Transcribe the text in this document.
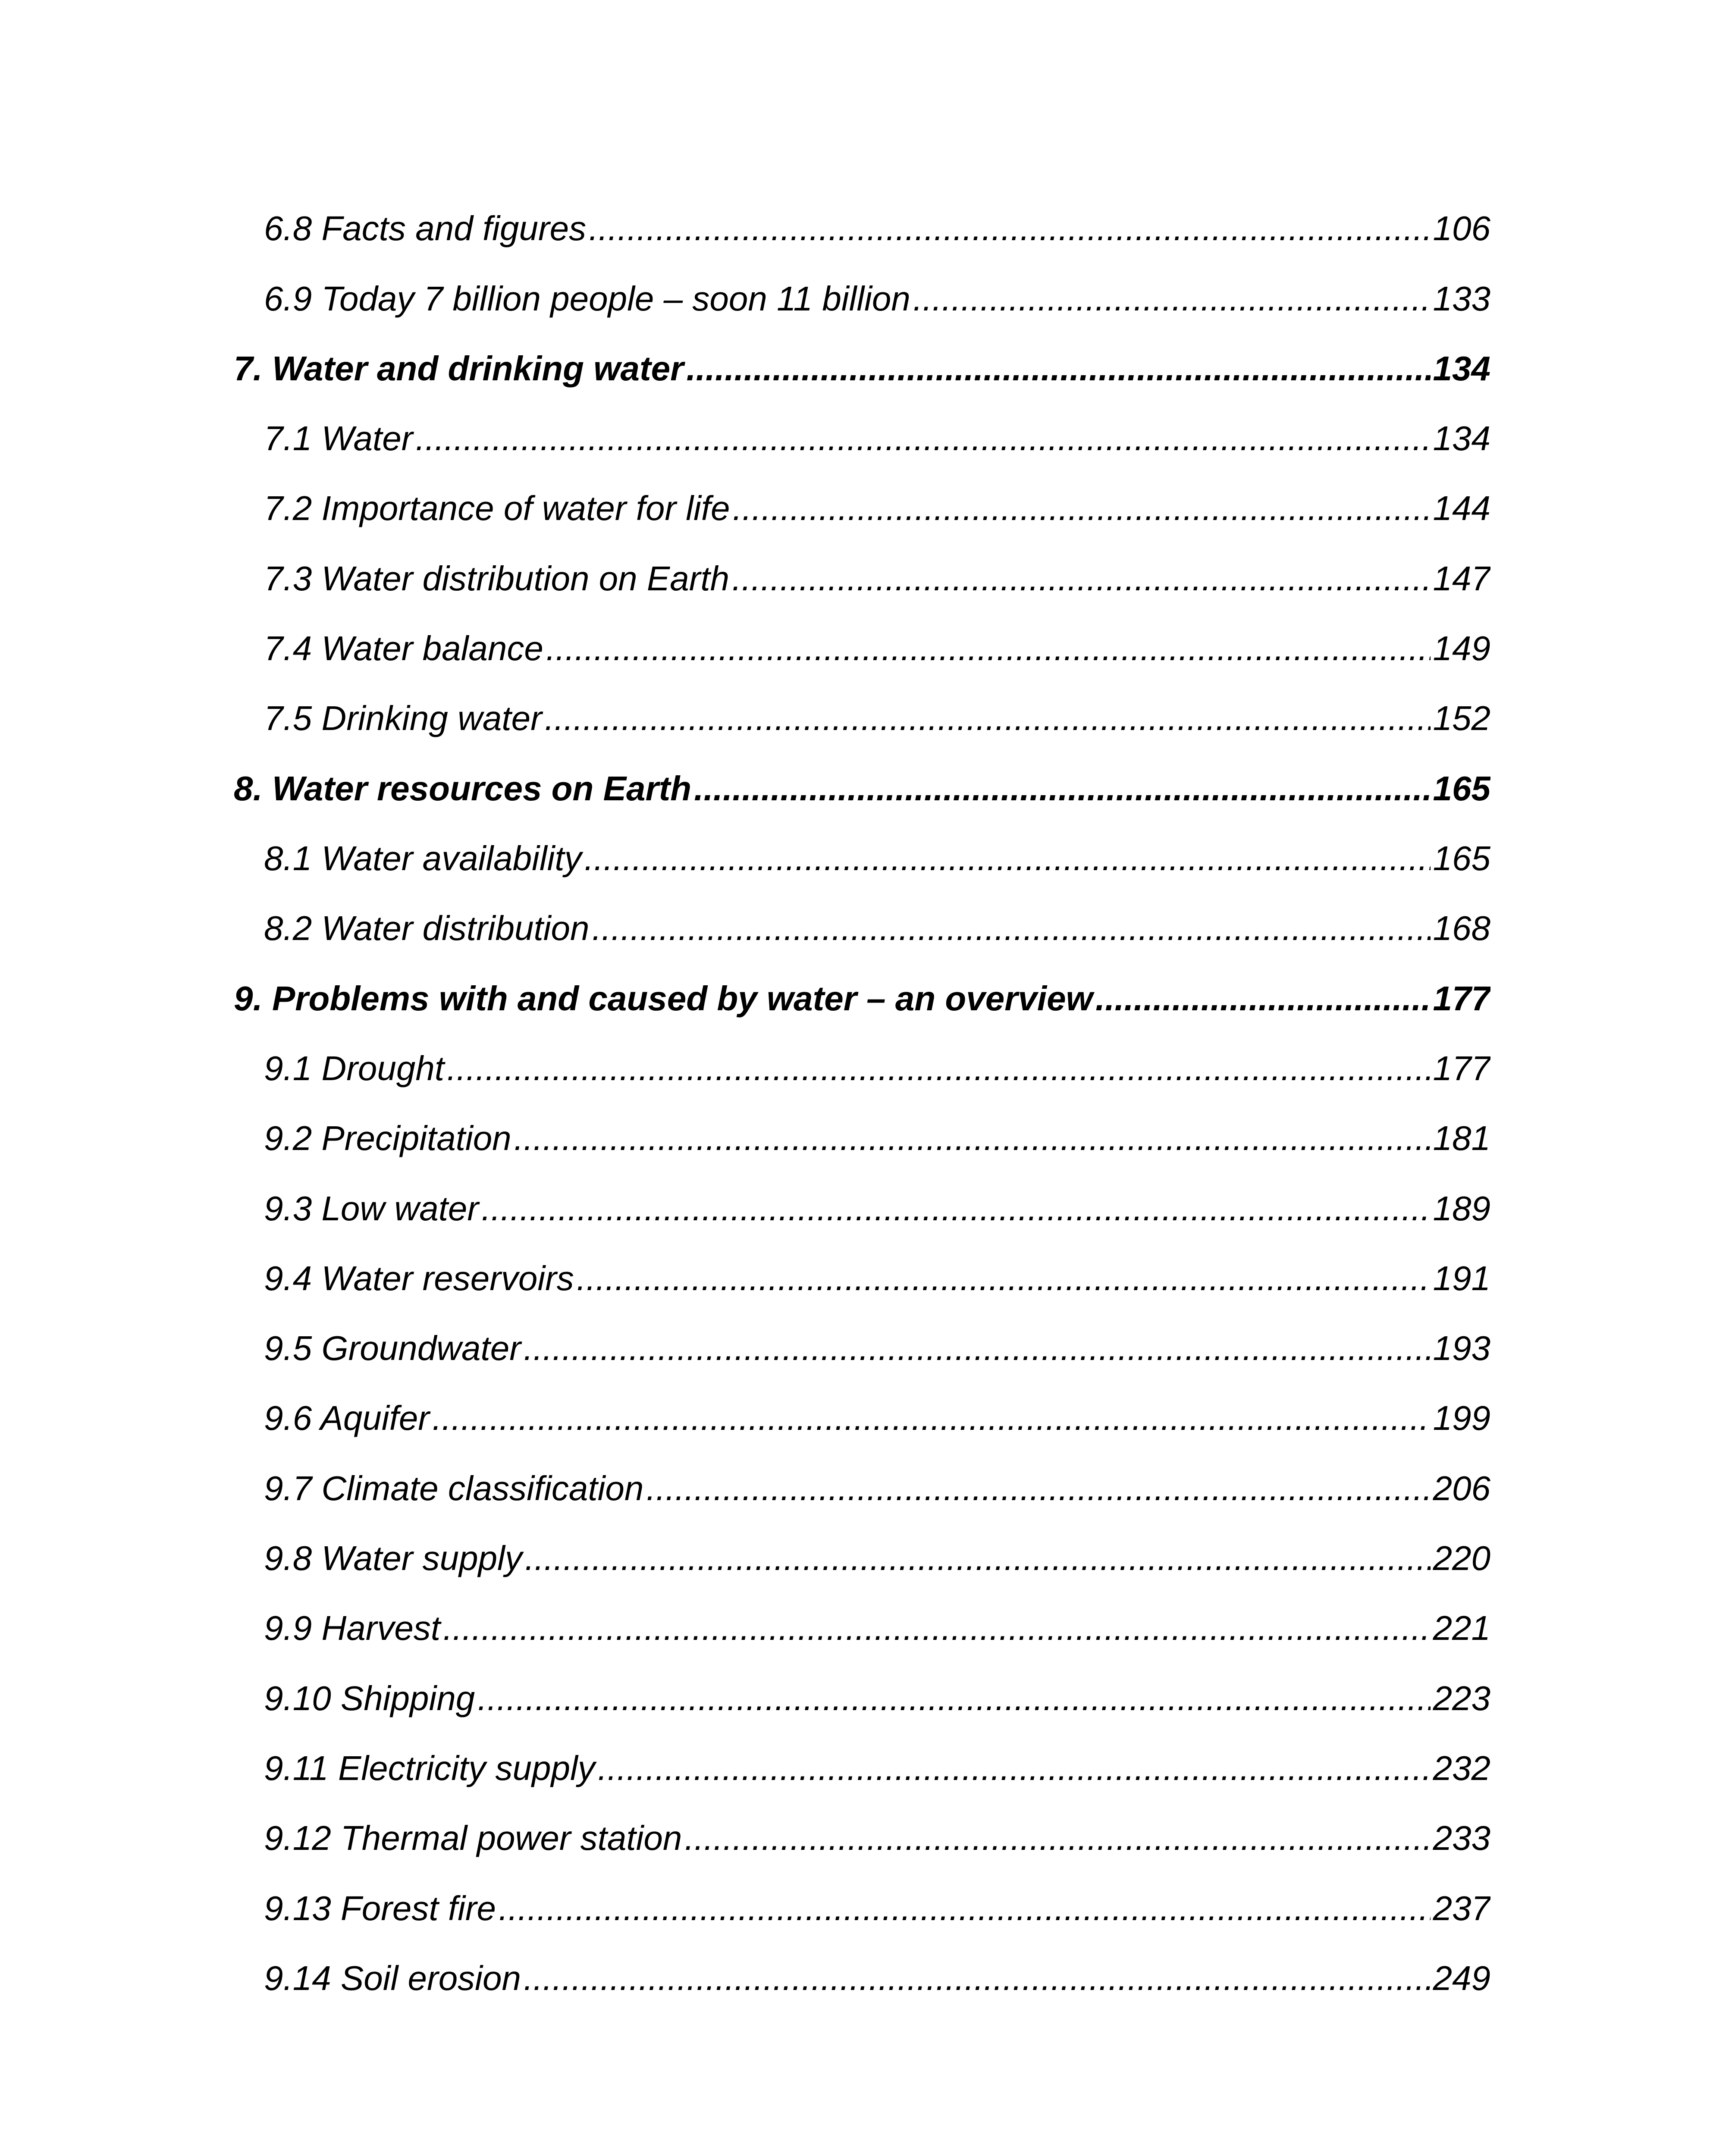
6.8 Facts and figures .....	106
6.9 Today 7 billion people – soon 11 billion .....	133
7. Water and drinking water .....	134
7.1 Water .....	134
7.2 Importance of water for life .....	144
7.3 Water distribution on Earth .....	147
7.4 Water balance .....	149
7.5 Drinking water .....	152
8. Water resources on Earth .....	165
8.1 Water availability .....	165
8.2 Water distribution .....	168
9. Problems with and caused by water – an overview .....	177
9.1 Drought .....	177
9.2 Precipitation .....	181
9.3 Low water .....	189
9.4 Water reservoirs .....	191
9.5 Groundwater .....	193
9.6 Aquifer .....	199
9.7 Climate classification .....	206
9.8 Water supply .....	220
9.9 Harvest .....	221
9.10 Shipping .....	223
9.11 Electricity supply .....	232
9.12 Thermal power station .....	233
9.13 Forest fire .....	237
9.14 Soil erosion .....	249
